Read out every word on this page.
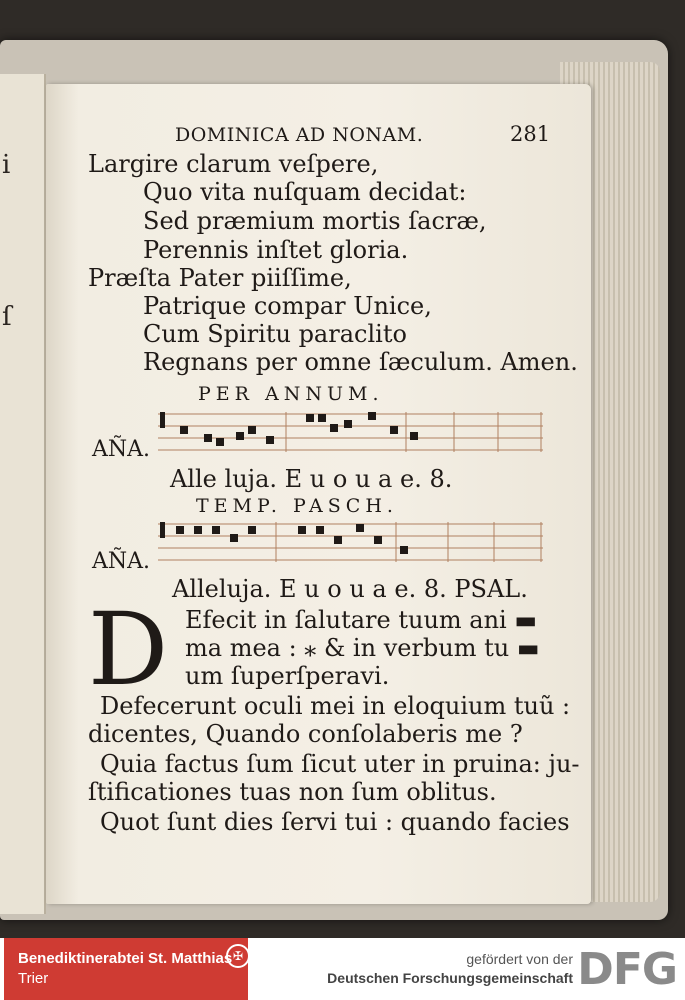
i
ſ
DOMINICA AD NONAM.	281
Largire clarum veſpere,
Quo vita nuſquam decidat:
Sed præmium mortis ſacræ,
Perennis inſtet gloria.
Præſta Pater piiſſime,
Patrique compar Unice,
Cum Spiritu paraclito
Regnans per omne ſæculum. Amen.
PER ANNUM.
AÑA.
Alle luja. E u o u a e. 8.
TEMP. PASCH.
AÑA.
Alleluja. E u o u a e. 8. PSAL.
D Efecit in ſalutare tuum ani ▬
ma mea : ⁎ & in verbum tu ▬
um ſuperſperavi.
Defecerunt oculi mei in eloquium tuũ :
dicentes, Quando conſolaberis me ?
Quia factus ſum ſicut uter in pruina: ju-
ſtificationes tuas non ſum oblitus.
Quot ſunt dies ſervi tui : quando facies
Benediktinerabtei St. Matthias
Trier
✠	gefördert von der
Deutschen Forschungsgemeinschaft DFG
